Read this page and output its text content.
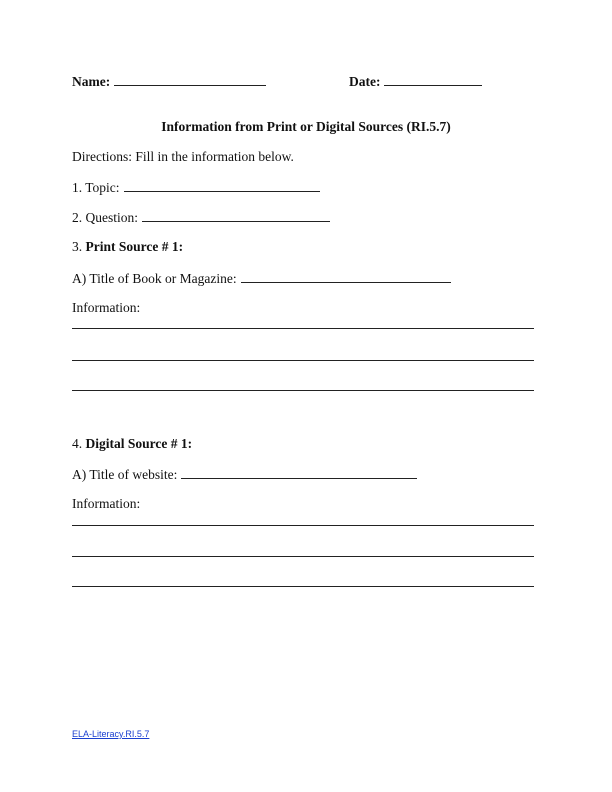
Name:	Date:
Information from Print or Digital Sources (RI.5.7)
Directions: Fill in the information below.
1. Topic:
2. Question:
3. Print Source # 1:
A) Title of Book or Magazine:
Information:
4. Digital Source # 1:
A) Title of website:
Information:
ELA-Literacy.RI.5.7
